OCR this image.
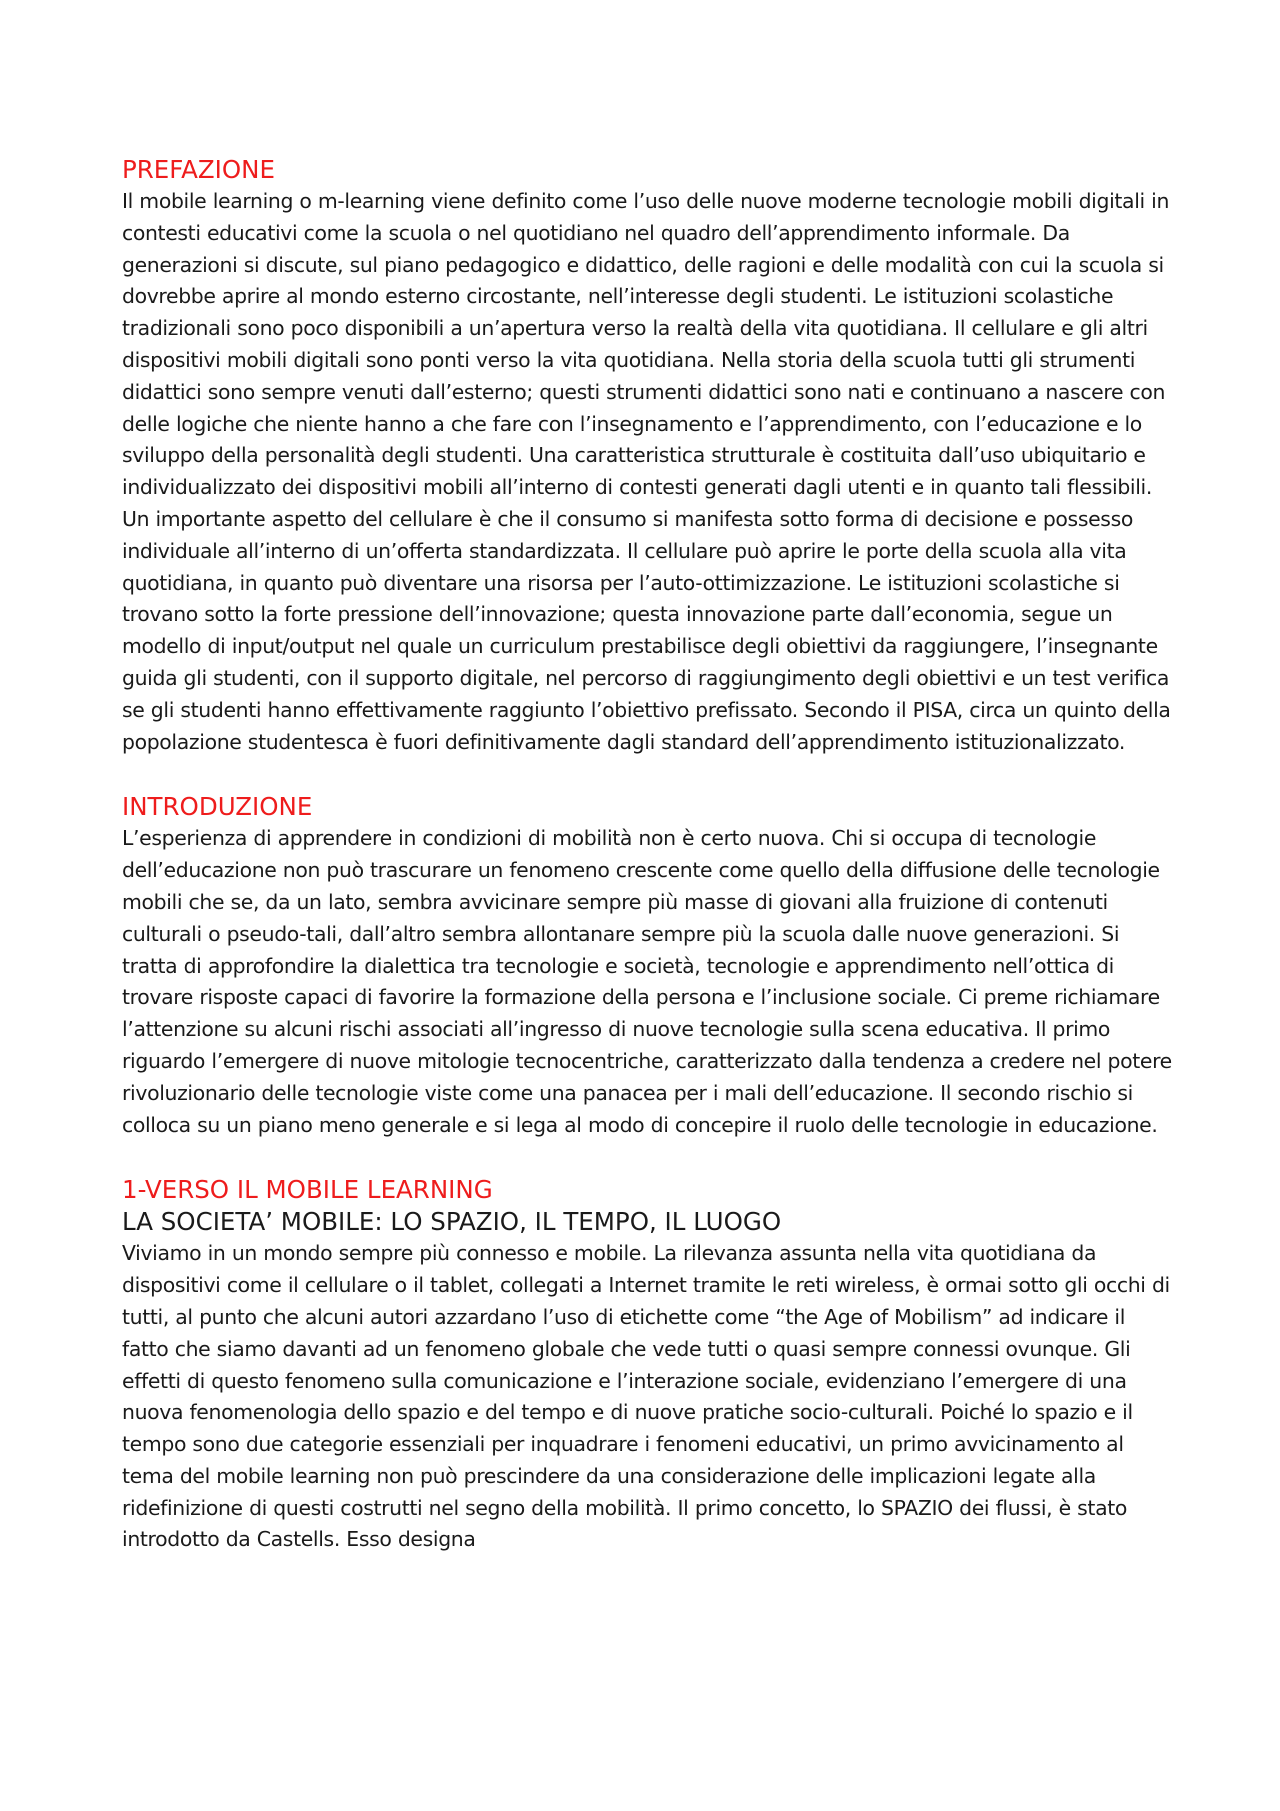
PREFAZIONE

Il mobile learning o m-learning viene definito come l’uso delle nuove moderne tecnologie mobili digitali in contesti educativi come la scuola o nel quotidiano nel quadro dell’apprendimento informale. Da generazioni si discute, sul piano pedagogico e didattico, delle ragioni e delle modalità con cui la scuola si dovrebbe aprire al mondo esterno circostante, nell’interesse degli studenti. Le istituzioni scolastiche tradizionali sono poco disponibili a un’apertura verso la realtà della vita quotidiana. Il cellulare e gli altri dispositivi mobili digitali sono ponti verso la vita quotidiana. Nella storia della scuola tutti gli strumenti didattici sono sempre venuti dall’esterno; questi strumenti didattici sono nati e continuano a nascere con delle logiche che niente hanno a che fare con l’insegnamento e l’apprendimento, con l’educazione e lo sviluppo della personalità degli studenti. Una caratteristica strutturale è costituita dall’uso ubiquitario e individualizzato dei dispositivi mobili all’interno di contesti generati dagli utenti e in quanto tali flessibili. Un importante aspetto del cellulare è che il consumo si manifesta sotto forma di decisione e possesso individuale all’interno di un’offerta standardizzata. Il cellulare può aprire le porte della scuola alla vita quotidiana, in quanto può diventare una risorsa per l’auto-ottimizzazione. Le istituzioni scolastiche si trovano sotto la forte pressione dell’innovazione; questa innovazione parte dall’economia, segue un modello di input/output nel quale un curriculum prestabilisce degli obiettivi da raggiungere, l’insegnante guida gli studenti, con il supporto digitale, nel percorso di raggiungimento degli obiettivi e un test verifica se gli studenti hanno effettivamente raggiunto l’obiettivo prefissato. Secondo il PISA, circa un quinto della popolazione studentesca è fuori definitivamente dagli standard dell’apprendimento istituzionalizzato.

INTRODUZIONE

L’esperienza di apprendere in condizioni di mobilità non è certo nuova. Chi si occupa di tecnologie dell’educazione non può trascurare un fenomeno crescente come quello della diffusione delle tecnologie mobili che se, da un lato, sembra avvicinare sempre più masse di giovani alla fruizione di contenuti culturali o pseudo-tali, dall’altro sembra allontanare sempre più la scuola dalle nuove generazioni. Si tratta di approfondire la dialettica tra tecnologie e società, tecnologie e apprendimento nell’ottica di trovare risposte capaci di favorire la formazione della persona e l’inclusione sociale. Ci preme richiamare l’attenzione su alcuni rischi associati all’ingresso di nuove tecnologie sulla scena educativa. Il primo riguardo l’emergere di nuove mitologie tecnocentriche, caratterizzato dalla tendenza a credere nel potere rivoluzionario delle tecnologie viste come una panacea per i mali dell’educazione. Il secondo rischio si colloca su un piano meno generale e si lega al modo di concepire il ruolo delle tecnologie in educazione.

1-VERSO IL MOBILE LEARNING
LA SOCIETA’ MOBILE: LO SPAZIO, IL TEMPO, IL LUOGO

Viviamo in un mondo sempre più connesso e mobile. La rilevanza assunta nella vita quotidiana da dispositivi come il cellulare o il tablet, collegati a Internet tramite le reti wireless, è ormai sotto gli occhi di tutti, al punto che alcuni autori azzardano l’uso di etichette come “the Age of Mobilism” ad indicare il fatto che siamo davanti ad un fenomeno globale che vede tutti o quasi sempre connessi ovunque. Gli effetti di questo fenomeno sulla comunicazione e l’interazione sociale, evidenziano l’emergere di una nuova fenomenologia dello spazio e del tempo e di nuove pratiche socio-culturali. Poiché lo spazio e il tempo sono due categorie essenziali per inquadrare i fenomeni educativi, un primo avvicinamento al tema del mobile learning non può prescindere da una considerazione delle implicazioni legate alla ridefinizione di questi costrutti nel segno della mobilità. Il primo concetto, lo SPAZIO dei flussi, è stato introdotto da Castells. Esso designa
